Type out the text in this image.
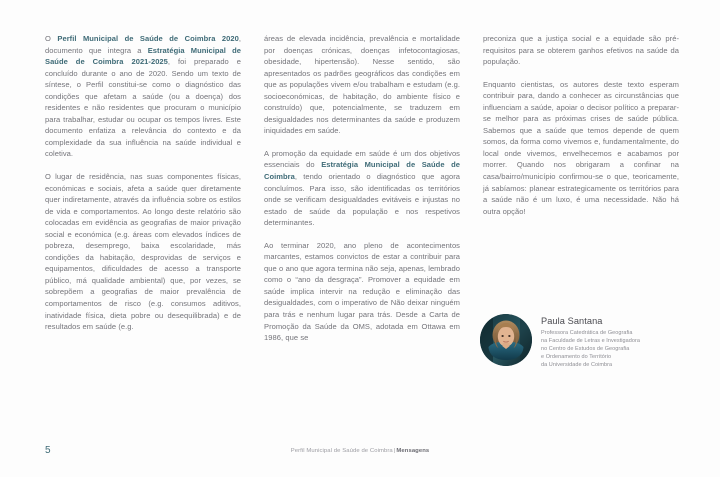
O Perfil Municipal de Saúde de Coimbra 2020, documento que integra a Estratégia Municipal de Saúde de Coimbra 2021-2025, foi preparado e concluído durante o ano de 2020. Sendo um texto de síntese, o Perfil constitui-se como o diagnóstico das condições que afetam a saúde (ou a doença) dos residentes e não residentes que procuram o município para trabalhar, estudar ou ocupar os tempos livres. Este documento enfatiza a relevância do contexto e da complexidade da sua influência na saúde individual e coletiva.

O lugar de residência, nas suas componentes físicas, económicas e sociais, afeta a saúde quer diretamente quer indiretamente, através da influência sobre os estilos de vida e comportamentos. Ao longo deste relatório são colocadas em evidência as geografias de maior privação social e económica (e.g. áreas com elevados índices de pobreza, desemprego, baixa escolaridade, más condições da habitação, desprovidas de serviços e equipamentos, dificuldades de acesso a transporte público, má qualidade ambiental) que, por vezes, se sobrepõem a geografias de maior prevalência de comportamentos de risco (e.g. consumos aditivos, inatividade física, dieta pobre ou desequilibrada) e de resultados em saúde (e.g.

áreas de elevada incidência, prevalência e mortalidade por doenças crónicas, doenças infetocontagiosas, obesidade, hipertensão). Nesse sentido, são apresentados os padrões geográficos das condições em que as populações vivem e/ou trabalham e estudam (e.g. socioeconómicas, de habitação, do ambiente físico e construído) que, potencialmente, se traduzem em desigualdades nos determinantes da saúde e produzem iniquidades em saúde.

A promoção da equidade em saúde é um dos objetivos essenciais do Estratégia Municipal de Saúde de Coimbra, tendo orientado o diagnóstico que agora concluímos. Para isso, são identificadas os territórios onde se verificam desigualdades evitáveis e injustas no estado de saúde da população e nos respetivos determinantes.

Ao terminar 2020, ano pleno de acontecimentos marcantes, estamos convictos de estar a contribuir para que o ano que agora termina não seja, apenas, lembrado como o “ano da desgraça”. Promover a equidade em saúde implica intervir na redução e eliminação das desigualdades, com o imperativo de Não deixar ninguém para trás e nenhum lugar para trás. Desde a Carta de Promoção da Saúde da OMS, adotada em Ottawa em 1986, que se

preconiza que a justiça social e a equidade são pré-requisitos para se obterem ganhos efetivos na saúde da população.

Enquanto cientistas, os autores deste texto esperam contribuir para, dando a conhecer as circunstâncias que influenciam a saúde, apoiar o decisor político a preparar-se melhor para as próximas crises de saúde pública. Sabemos que a saúde que temos depende de quem somos, da forma como vivemos e, fundamentalmente, do local onde vivemos, envelhecemos e acabamos por morrer. Quando nos obrigaram a confinar na casa/bairro/município confirmou-se o que, teoricamente, já sabíamos: planear estrategicamente os territórios para a saúde não é um luxo, é uma necessidade. Não há outra opção!

Paula Santana

Professora Catedrática de Geografia
na Faculdade de Letras e Investigadora
no Centro de Estudos de Geografia
e Ordenamento do Território
da Universidade de Coimbra

5	Perfil Municipal de Saúde de Coimbra|Mensagens
